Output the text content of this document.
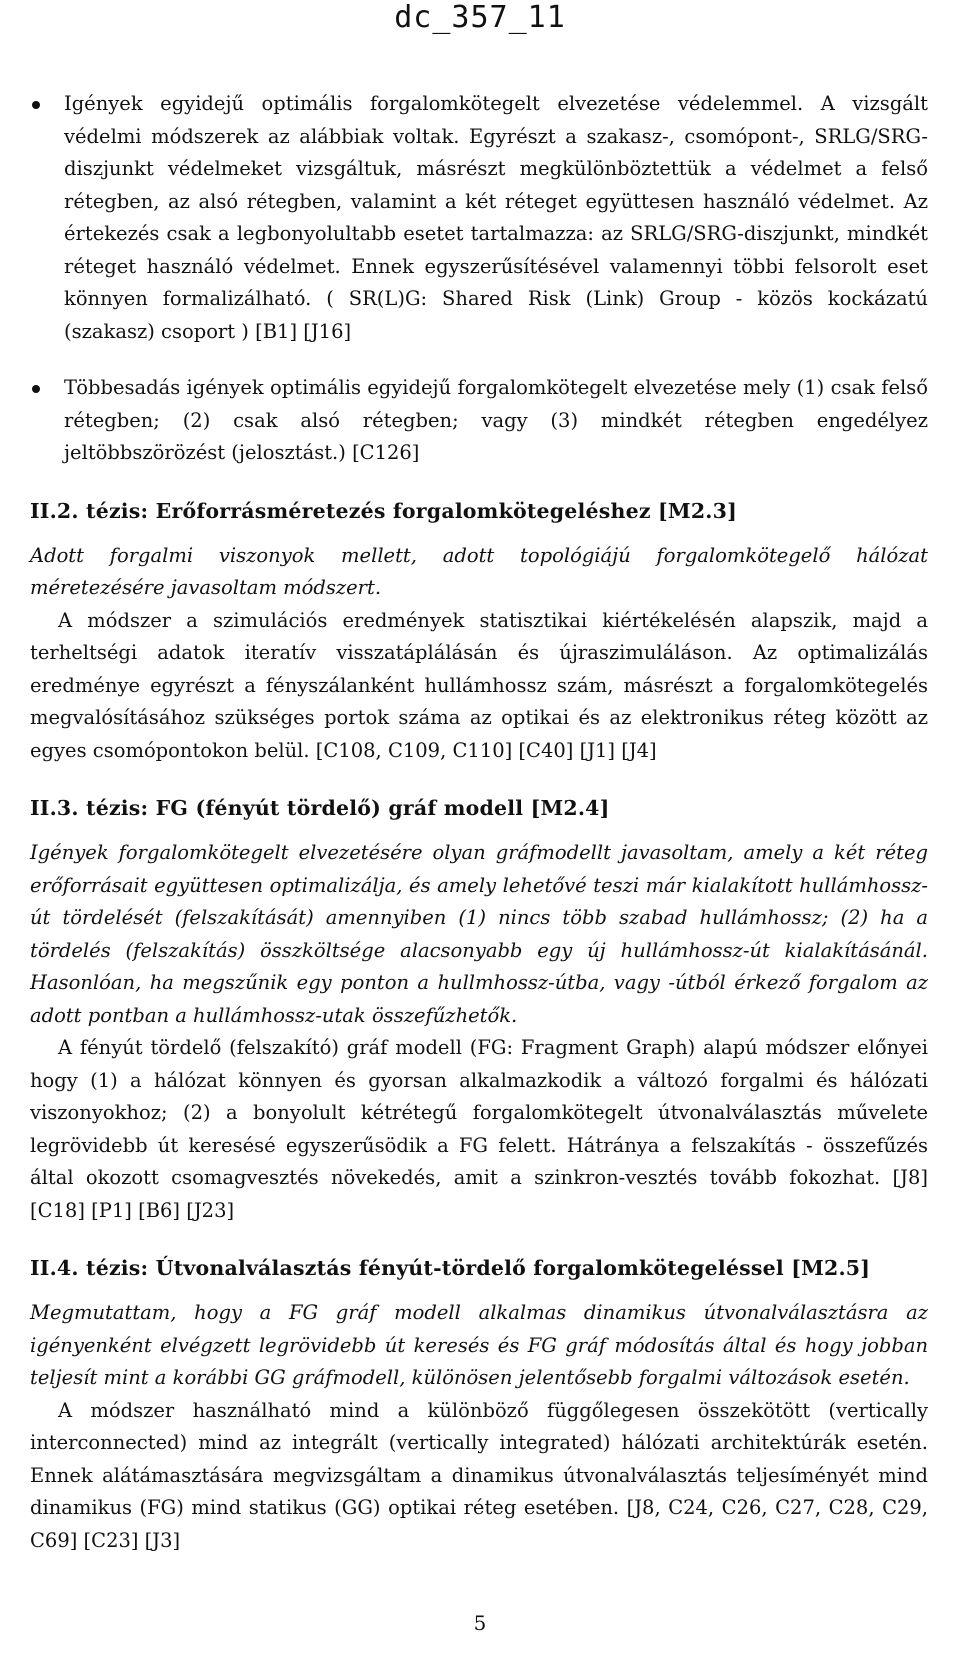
dc_357_11
Igények egyidejű optimális forgalomkötegelt elvezetése védelemmel. A vizsgált védelmi módszerek az alábbiak voltak. Egyrészt a szakasz-, csomópont-, SRLG/SRG-diszjunkt védelmeket vizsgáltuk, másrészt megkülönböztettük a védelmet a felső rétegben, az alsó rétegben, valamint a két réteget együttesen használó védelmet. Az értekezés csak a legbonyolultabb esetet tartalmazza: az SRLG/SRG-diszjunkt, mindkét réteget használó védelmet. Ennek egyszerűsítésével valamennyi többi felsorolt eset könnyen formalizálható. ( SR(L)G: Shared Risk (Link) Group - közös kockázatú (szakasz) csoport ) [B1] [J16]
Többesadás igények optimális egyidejű forgalomkötegelt elvezetése mely (1) csak felső rétegben; (2) csak alsó rétegben; vagy (3) mindkét rétegben engedélyez jeltöbbszörözést (jelosztást.) [C126]
II.2. tézis: Erőforrásméretezés forgalomkötegeléshez [M2.3]

Adott forgalmi viszonyok mellett, adott topológiájú forgalomkötegelő hálózat méretezésére javasoltam módszert.

A módszer a szimulációs eredmények statisztikai kiértékelésén alapszik, majd a terheltségi adatok iteratív visszatáplálásán és újraszimuláláson. Az optimalizálás eredménye egyrészt a fényszálanként hullámhossz szám, másrészt a forgalomkötegelés megvalósításához szükséges portok száma az optikai és az elektronikus réteg között az egyes csomópontokon belül. [C108, C109, C110] [C40] [J1] [J4]

II.3. tézis: FG (fényút tördelő) gráf modell [M2.4]

Igények forgalomkötegelt elvezetésére olyan gráfmodellt javasoltam, amely a két réteg erőforrásait együttesen optimalizálja, és amely lehetővé teszi már kialakított hullámhossz-út tördelését (felszakítását) amennyiben (1) nincs több szabad hullámhossz; (2) ha a tördelés (felszakítás) összköltsége alacsonyabb egy új hullámhossz-út kialakításánál. Hasonlóan, ha megszűnik egy ponton a hullmhossz-útba, vagy -útból érkező forgalom az adott pontban a hullámhossz-utak összefűzhetők.

A fényút tördelő (felszakító) gráf modell (FG: Fragment Graph) alapú módszer előnyei hogy (1) a hálózat könnyen és gyorsan alkalmazkodik a változó forgalmi és hálózati viszonyokhoz; (2) a bonyolult kétrétegű forgalomkötegelt útvonalválasztás művelete legrövidebb út keresésé egyszerűsödik a FG felett. Hátránya a felszakítás - összefűzés által okozott csomagvesztés növekedés, amit a szinkron-vesztés tovább fokozhat. [J8] [C18] [P1] [B6] [J23]

II.4. tézis: Útvonalválasztás fényút-tördelő forgalomkötegeléssel [M2.5]

Megmutattam, hogy a FG gráf modell alkalmas dinamikus útvonalválasztásra az igényenként elvégzett legrövidebb út keresés és FG gráf módosítás által és hogy jobban teljesít mint a korábbi GG gráfmodell, különösen jelentősebb forgalmi változások esetén.

A módszer használható mind a különböző függőlegesen összekötött (vertically interconnected) mind az integrált (vertically integrated) hálózati architektúrák esetén. Ennek alátámasztására megvizsgáltam a dinamikus útvonalválasztás teljesíményét mind dinamikus (FG) mind statikus (GG) optikai réteg esetében. [J8, C24, C26, C27, C28, C29, C69] [C23] [J3]

5
